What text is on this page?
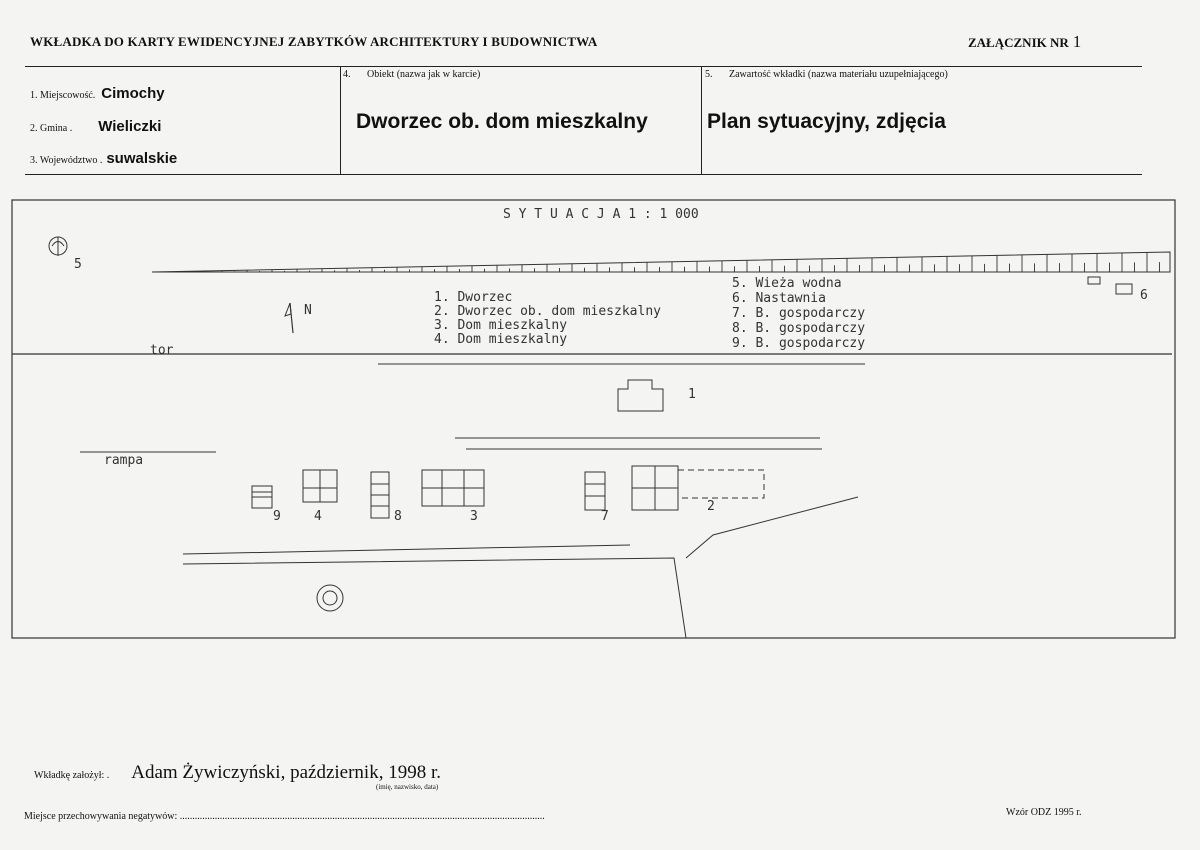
WKŁADKA DO KARTY EWIDENCYJNEJ ZABYTKÓW ARCHITEKTURY I BUDOWNICTWA	ZAŁĄCZNIK NR 1
1. Miejscowość. Cimochy
2. Gmina . Wieliczki
3. Województwo . suwalskie
4. Obiekt (nazwa jak w karcie)
Dworzec ob. dom mieszkalny
5. Zawartość wkładki (nazwa materiału uzupełniającego)
Plan sytuacyjny, zdjęcia
S Y T U A C J A 1 : 1 000
5
N
1. Dworzec
2. Dworzec ob. dom mieszkalny
3. Dom mieszkalny
4. Dom mieszkalny
5. Wieża wodna
6. Nastawnia
7. B. gospodarczy
8. B. gospodarczy
9. B. gospodarczy
6
tor
1
rampa
9	4	8	3	7
2
Wkładkę założył: . Adam Żywiczyński, październik, 1998 r.
(imię, nazwisko, data)
Miejsce przechowywania negatywów: ..................................................................................................................................................	Wzór ODZ 1995 r.
